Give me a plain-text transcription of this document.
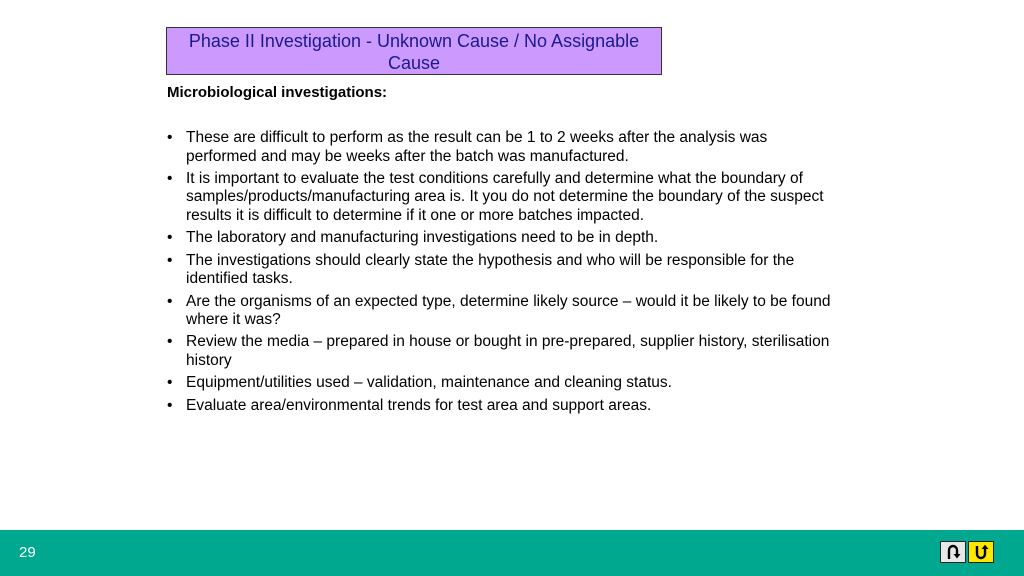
Phase II Investigation - Unknown Cause / No Assignable
Cause
Microbiological investigations:
• These are difficult to perform as the result can be 1 to 2 weeks after the analysis was performed and may be weeks after the batch was manufactured.
• It is important to evaluate the test conditions carefully and determine what the boundary of samples/products/manufacturing area is. It you do not determine the boundary of the suspect results it is difficult to determine if it one or more batches impacted.
• The laboratory and manufacturing investigations need to be in depth.
• The investigations should clearly state the hypothesis and who will be responsible for the identified tasks.
• Are the organisms of an expected type, determine likely source – would it be likely to be found where it was?
• Review the media – prepared in house or bought in pre-prepared, supplier history, sterilisation history
• Equipment/utilities used – validation, maintenance and cleaning status.
• Evaluate area/environmental trends for test area and support areas.
29
